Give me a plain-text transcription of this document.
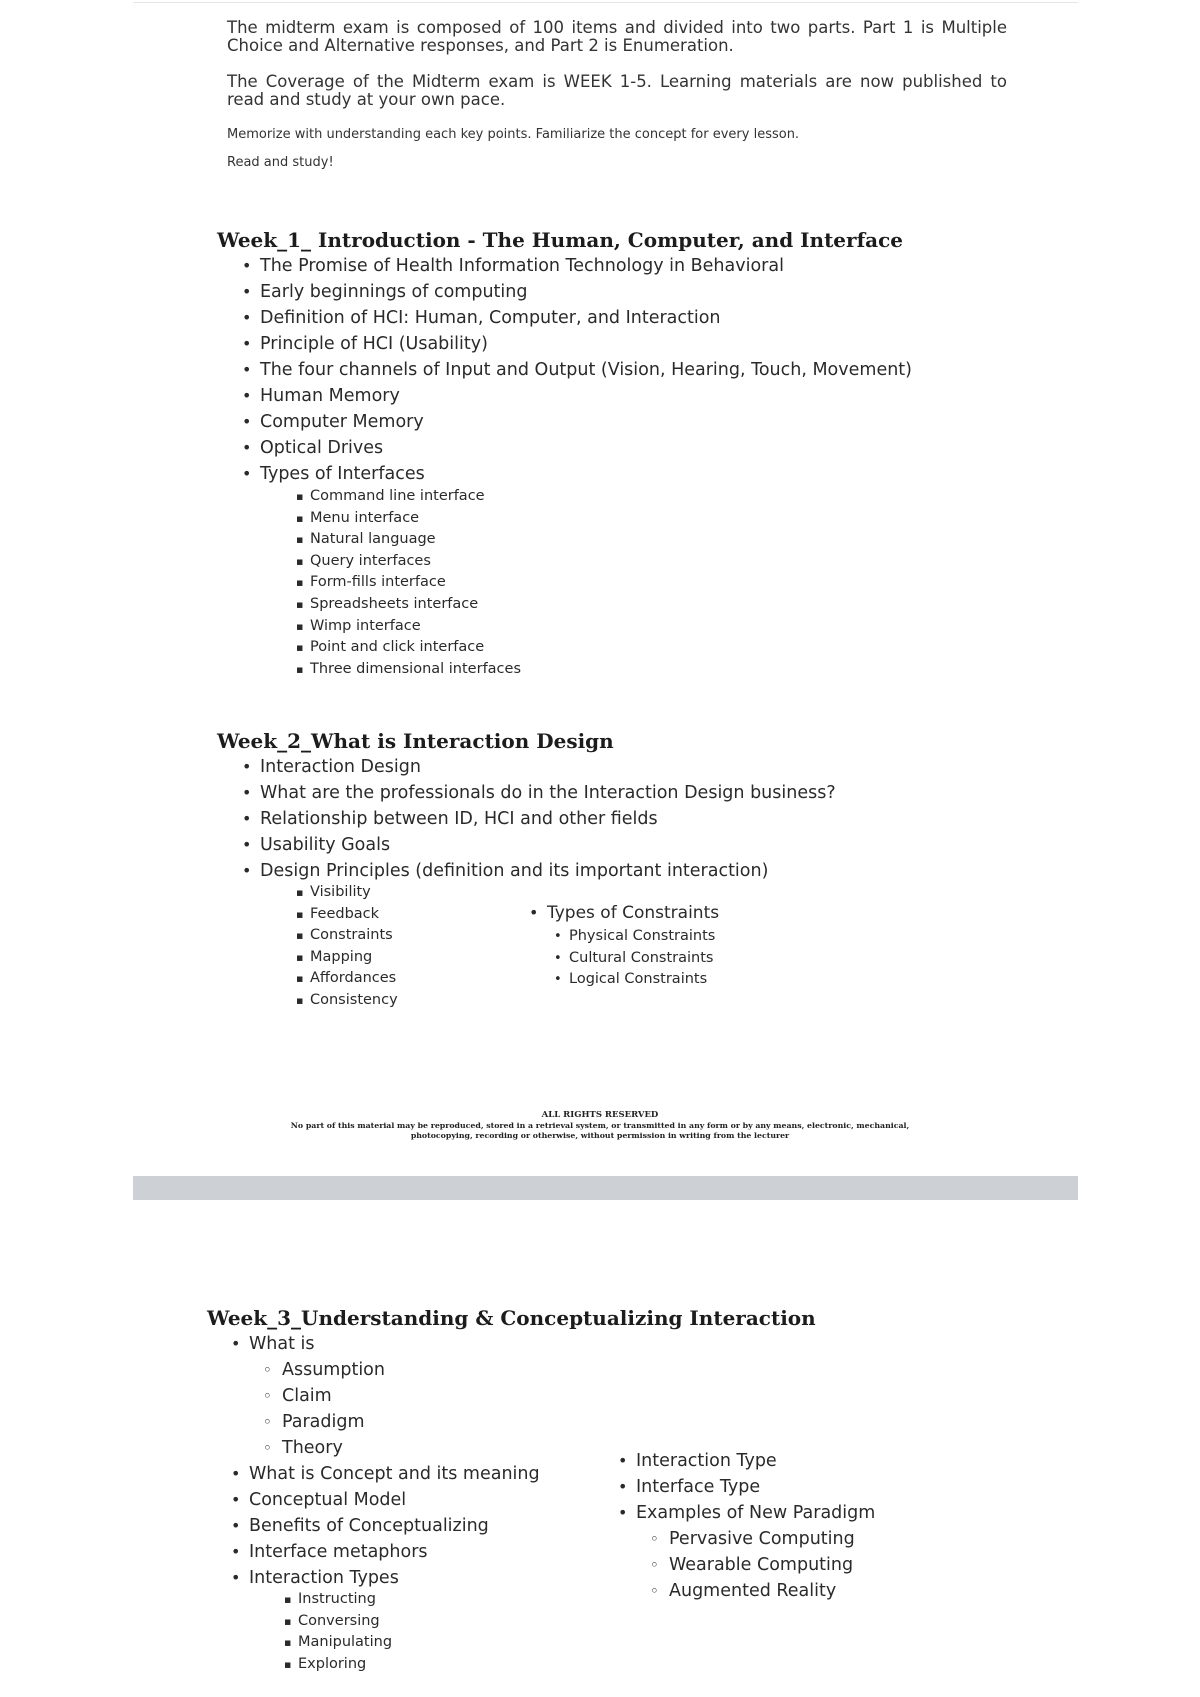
The midterm exam is composed of 100 items and divided into two parts. Part 1 is Multiple Choice and Alternative responses, and Part 2 is Enumeration.

The Coverage of the Midterm exam is WEEK 1-5. Learning materials are now published to read and study at your own pace.

Memorize with understanding each key points. Familiarize the concept for every lesson.

Read and study!

Week_1_ Introduction - The Human, Computer, and Interface
• The Promise of Health Information Technology in Behavioral
• Early beginnings of computing
• Definition of HCI: Human, Computer, and Interaction
• Principle of HCI (Usability)
• The four channels of Input and Output (Vision, Hearing, Touch, Movement)
• Human Memory
• Computer Memory
• Optical Drives
• Types of Interfaces
▪ Command line interface
▪ Menu interface
▪ Natural language
▪ Query interfaces
▪ Form-fills interface
▪ Spreadsheets interface
▪ Wimp interface
▪ Point and click interface
▪ Three dimensional interfaces
Week_2_What is Interaction Design
• Interaction Design
• What are the professionals do in the Interaction Design business?
• Relationship between ID, HCI and other fields
• Usability Goals
• Design Principles (definition and its important interaction)
▪ Visibility
▪ Feedback
▪ Constraints
▪ Mapping
▪ Affordances
▪ Consistency
• Types of Constraints
• Physical Constraints
• Cultural Constraints
• Logical Constraints
ALL RIGHTS RESERVED
No part of this material may be reproduced, stored in a retrieval system, or transmitted in any form or by any means, electronic, mechanical,
photocopying, recording or otherwise, without permission in writing from the lecturer
Week_3_Understanding & Conceptualizing Interaction
• What is
◦ Assumption
◦ Claim
◦ Paradigm
◦ Theory
• What is Concept and its meaning
• Conceptual Model
• Benefits of Conceptualizing
• Interface metaphors
• Interaction Types
▪ Instructing
▪ Conversing
▪ Manipulating
▪ Exploring
• Interaction Type
• Interface Type
• Examples of New Paradigm
◦ Pervasive Computing
◦ Wearable Computing
◦ Augmented Reality
